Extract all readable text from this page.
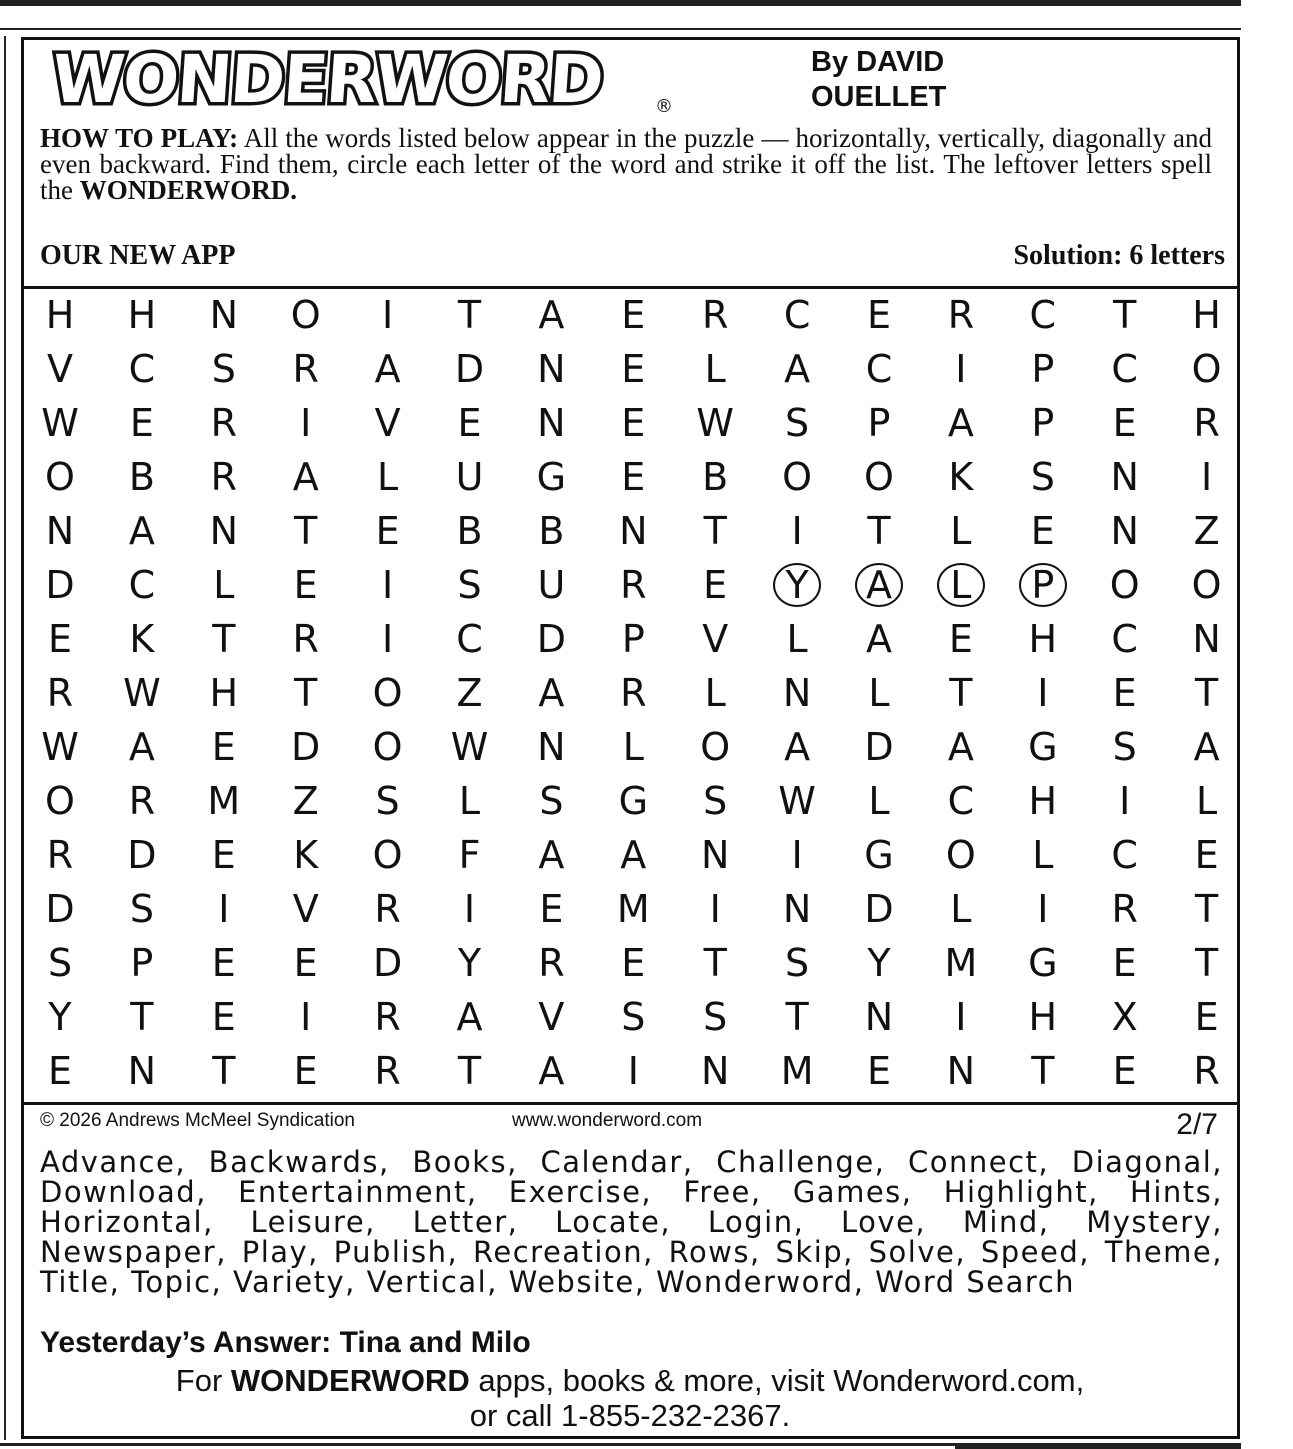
WONDERWORD	®
By DAVID
OUELLET
HOW TO PLAY: All the words listed below appear in the puzzle — horizontally, vertically, diagonally and even backward. Find them, circle each letter of the word and strike it off the list. The leftover letters spell the WONDERWORD.
OUR NEW APP	Solution: 6 letters
H	H	N	O	I	T	A	E	R	C	E	R	C	T	H
V	C	S	R	A	D	N	E	L	A	C	I	P	C	O
W	E	R	I	V	E	N	E	W	S	P	A	P	E	R
O	B	R	A	L	U	G	E	B	O	O	K	S	N	I
N	A	N	T	E	B	B	N	T	I	T	L	E	N	Z
D	C	L	E	I	S	U	R	E	Y	A	L	P	O	O
E	K	T	R	I	C	D	P	V	L	A	E	H	C	N
R	W	H	T	O	Z	A	R	L	N	L	T	I	E	T
W	A	E	D	O	W	N	L	O	A	D	A	G	S	A
O	R	M	Z	S	L	S	G	S	W	L	C	H	I	L
R	D	E	K	O	F	A	A	N	I	G	O	L	C	E
D	S	I	V	R	I	E	M	I	N	D	L	I	R	T
S	P	E	E	D	Y	R	E	T	S	Y	M	G	E	T
Y	T	E	I	R	A	V	S	S	T	N	I	H	X	E
E	N	T	E	R	T	A	I	N	M	E	N	T	E	R
© 2026 Andrews McMeel Syndication	www.wonderword.com	2/7
Advance, Backwards, Books, Calendar, Challenge, Connect, Diagonal, Download, Entertainment, Exercise, Free, Games, Highlight, Hints, Horizontal, Leisure, Letter, Locate, Login, Love, Mind, Mystery, Newspaper, Play, Publish, Recreation, Rows, Skip, Solve, Speed, Theme, Title, Topic, Variety, Vertical, Website, Wonderword, Word Search
Yesterday’s Answer: Tina and Milo
For WONDERWORD apps, books & more, visit Wonderword.com,
or call 1-855-232-2367.
